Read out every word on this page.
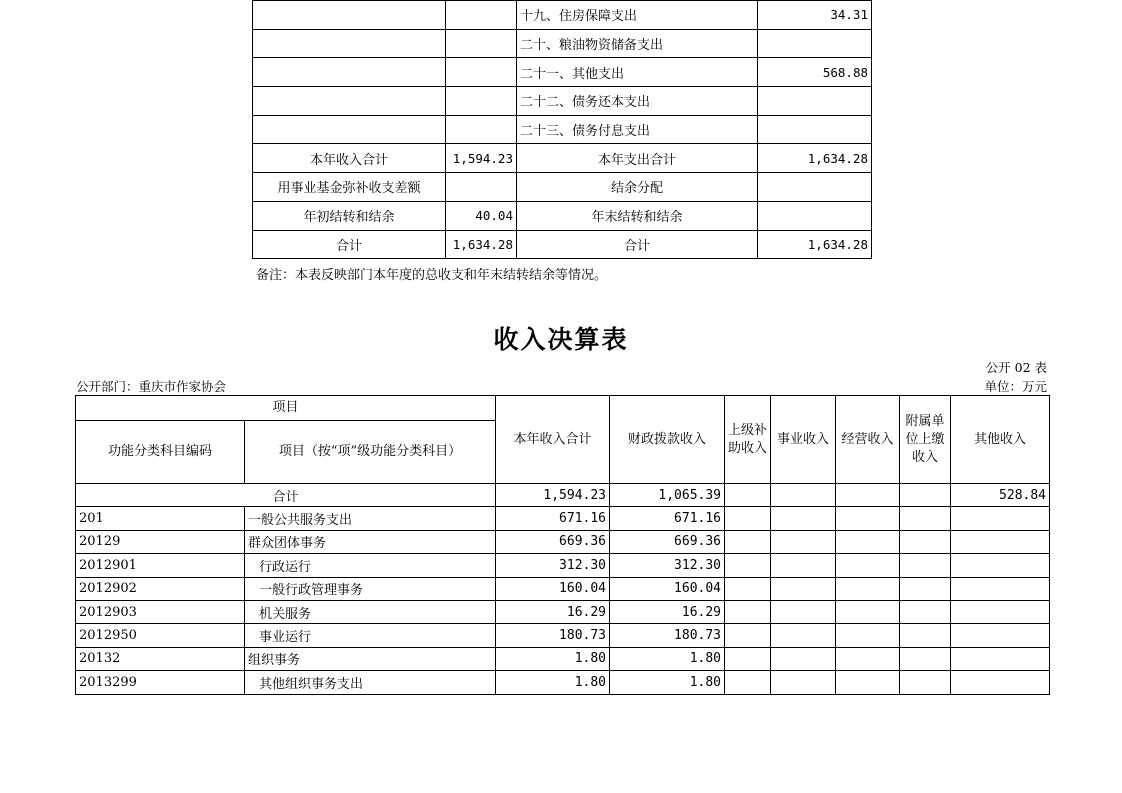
		十九、住房保障支出	34.31
		二十、粮油物资储备支出	
		二十一、其他支出	568.88
		二十二、债务还本支出	
		二十三、债务付息支出	
本年收入合计	1,594.23	本年支出合计	1,634.28
用事业基金弥补收支差额		结余分配	
年初结转和结余	40.04	年末结转和结余	
合计	1,634.28	合计	1,634.28
备注：本表反映部门本年度的总收支和年末结转结余等情况。
收入决算表
公开 02 表
公开部门：重庆市作家协会	单位：万元
项目		本年收入合计	财政拨款收入	上级补助收入	事业收入	经营收入	附属单位上缴收入	其他收入
功能分类科目编码	项目（按“项”级功能分类科目）							
合计		1,594.23	1,065.39					528.84
201	一般公共服务支出	671.16	671.16					
20129	群众团体事务	669.36	669.36					
2012901	行政运行	312.30	312.30					
2012902	一般行政管理事务	160.04	160.04					
2012903	机关服务	16.29	16.29					
2012950	事业运行	180.73	180.73					
20132	组织事务	1.80	1.80					
2013299	其他组织事务支出	1.80	1.80					
